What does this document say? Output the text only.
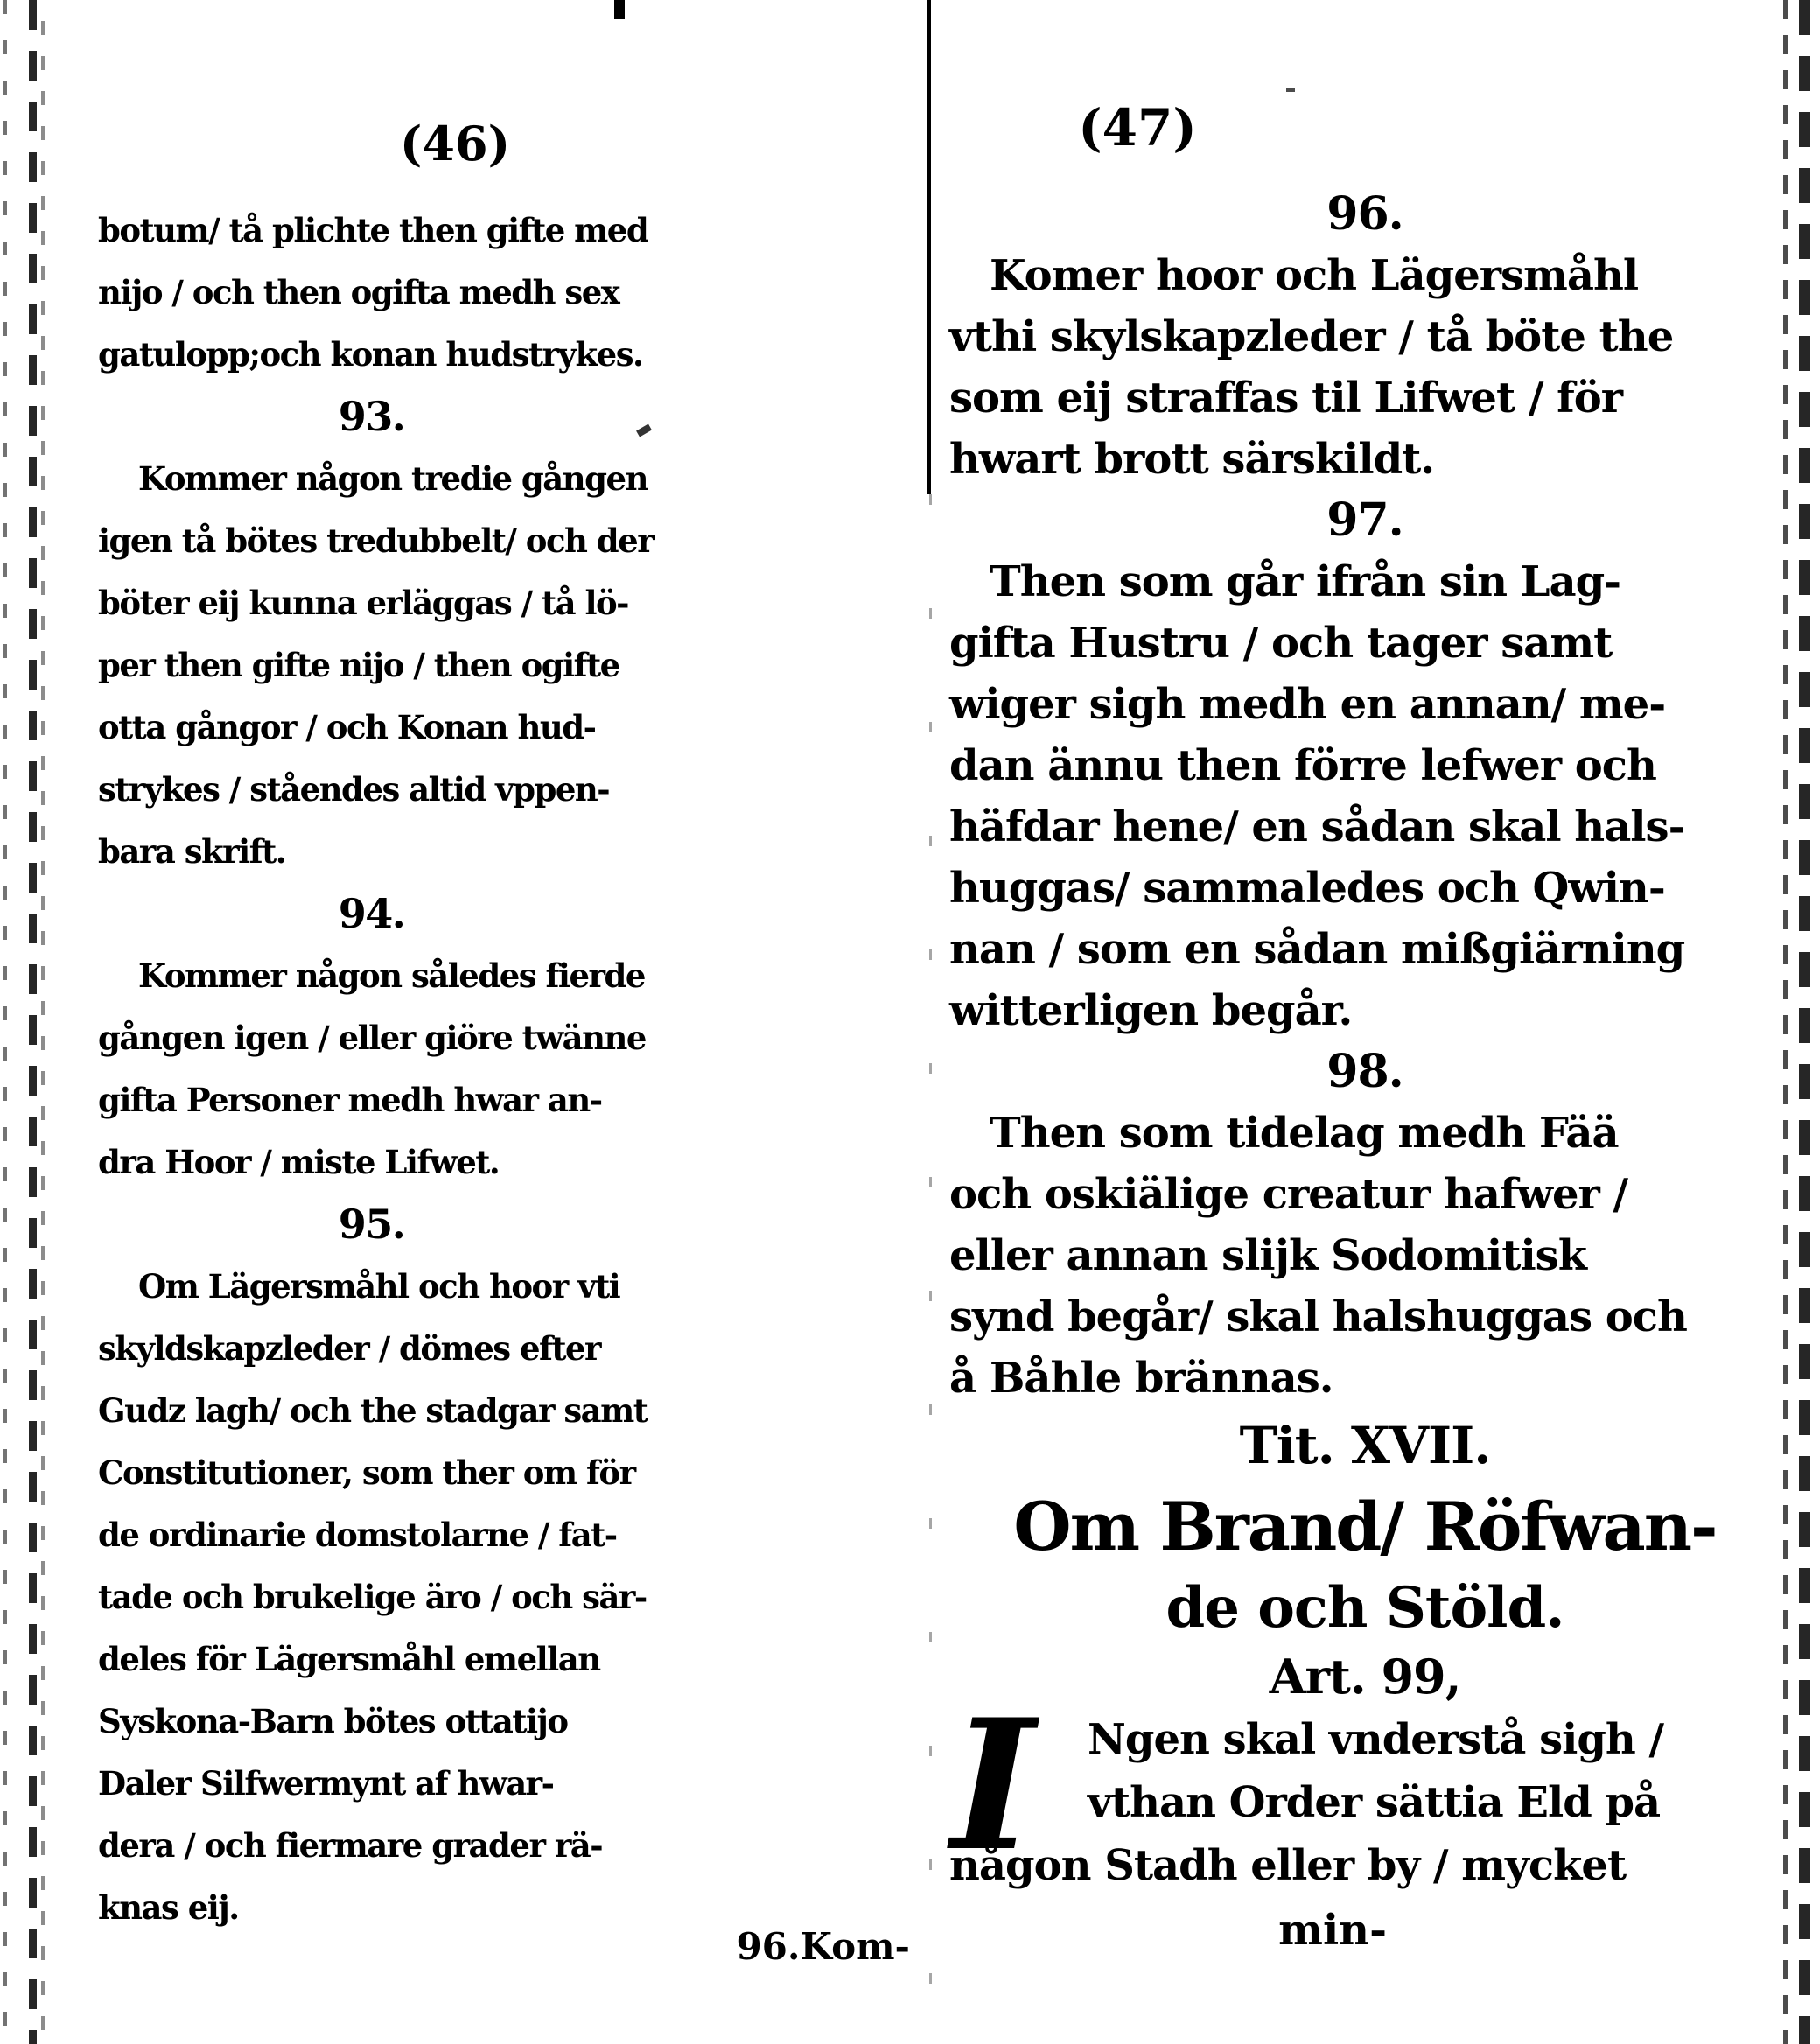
(46)	(47)
botum/ tå plichte then gifte med
nijo / och then ogifta medh sex
gatulopp;och konan hudstrykes.
93.
Kommer någon tredie gången
igen tå bötes tredubbelt/ och der
böter eij kunna erläggas / tå lö-
per then gifte nijo / then ogifte
otta gångor / och Konan hud-
strykes / ståendes altid vppen-
bara skrift.
94.
Kommer någon således fierde
gången igen / eller giöre twänne
gifta Personer medh hwar an-
dra Hoor / miste Lifwet.
95.
Om Lägersmåhl och hoor vti
skyldskapzleder / dömes efter
Gudz lagh/ och the stadgar samt
Constitutioner, som ther om för
de ordinarie domstolarne / fat-
tade och brukelige äro / och sär-
deles för Lägersmåhl emellan
Syskona-Barn bötes ottatijo
Daler Silfwermynt af hwar-
dera / och fiermare grader rä-
knas eij.
96.Kom-
96.
Komer hoor och Lägersmåhl
vthi skylskapzleder / tå böte the
som eij straffas til Lifwet / för
hwart brott särskildt.
97.
Then som går ifrån sin Lag-
gifta Hustru / och tager samt
wiger sigh medh en annan/ me-
dan ännu then förre lefwer och
häfdar hene/ en sådan skal hals-
huggas/ sammaledes och Qwin-
nan / som en sådan mißgiärning
witterligen begår.
98.
Then som tidelag medh Fää
och oskiälige creatur hafwer /
eller annan slijk Sodomitisk
synd begår/ skal halshuggas och
å Båhle brännas.
Tit. XVII.
Om Brand/ Röfwan-
de och Stöld.
Art. 99,
I	Ngen skal vnderstå sigh /
vthan Order sättia Eld på
någon Stadh eller by / mycket
min-
